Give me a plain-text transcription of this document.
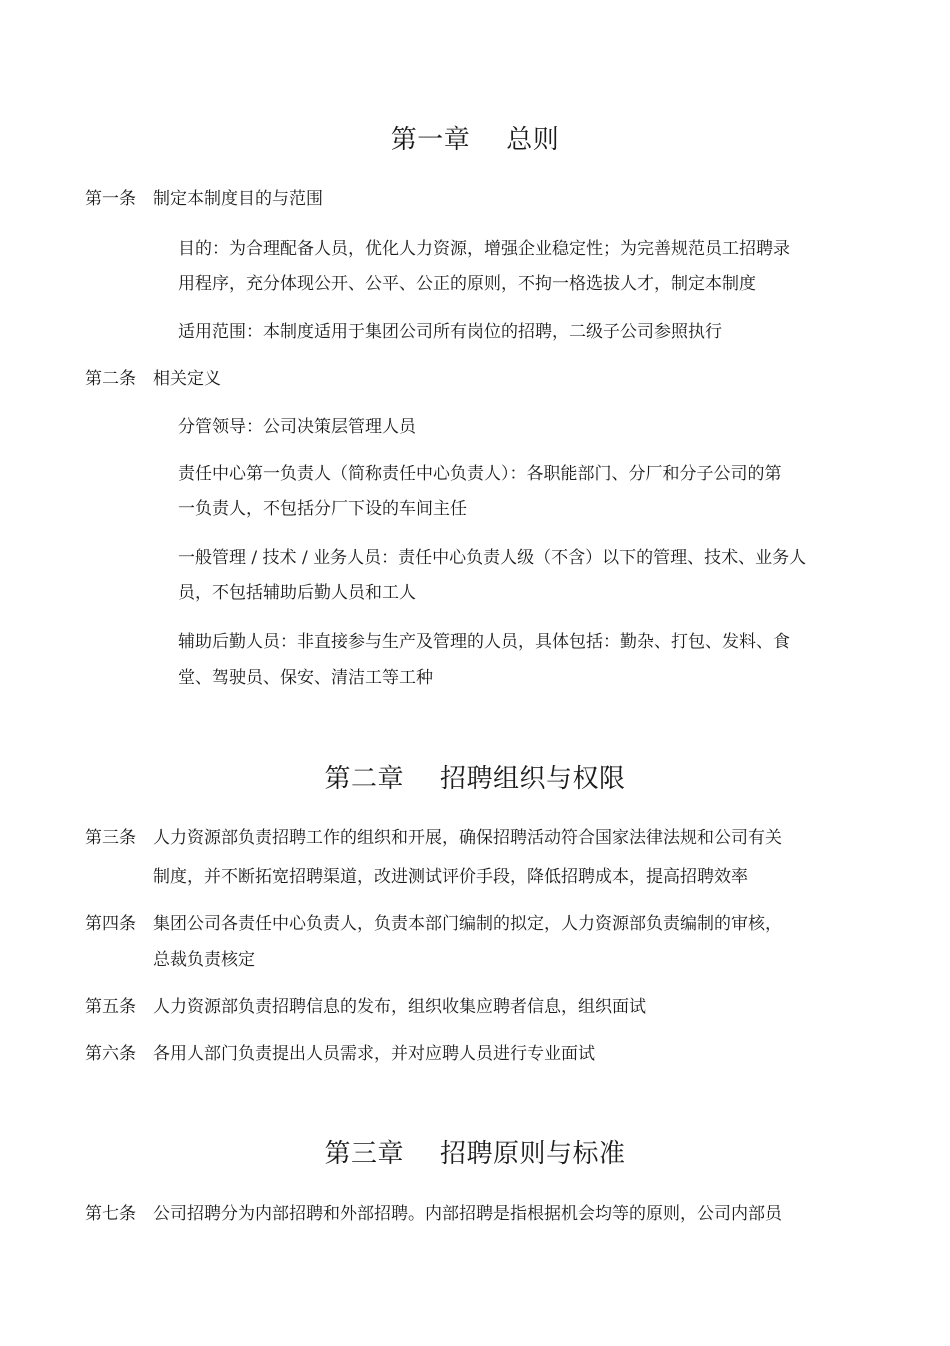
第一章 总则
第一条 制定本制度目的与范围
目的：为合理配备人员，优化人力资源，增强企业稳定性；为完善规范员工招聘录
用程序，充分体现公开、公平、公正的原则，不拘一格选拔人才，制定本制度
适用范围：本制度适用于集团公司所有岗位的招聘，二级子公司参照执行
第二条 相关定义
分管领导：公司决策层管理人员
责任中心第一负责人（简称责任中心负责人）：各职能部门、分厂和分子公司的第
一负责人，不包括分厂下设的车间主任
一般管理 / 技术 / 业务人员：责任中心负责人级（不含）以下的管理、技术、业务人
员，不包括辅助后勤人员和工人
辅助后勤人员：非直接参与生产及管理的人员，具体包括：勤杂、打包、发料、食
堂、驾驶员、保安、清洁工等工种
第二章 招聘组织与权限
第三条 人力资源部负责招聘工作的组织和开展，确保招聘活动符合国家法律法规和公司有关
制度，并不断拓宽招聘渠道，改进测试评价手段，降低招聘成本，提高招聘效率
第四条 集团公司各责任中心负责人，负责本部门编制的拟定，人力资源部负责编制的审核，
总裁负责核定
第五条 人力资源部负责招聘信息的发布，组织收集应聘者信息，组织面试
第六条 各用人部门负责提出人员需求，并对应聘人员进行专业面试
第三章 招聘原则与标准
第七条 公司招聘分为内部招聘和外部招聘。内部招聘是指根据机会均等的原则，公司内部员
